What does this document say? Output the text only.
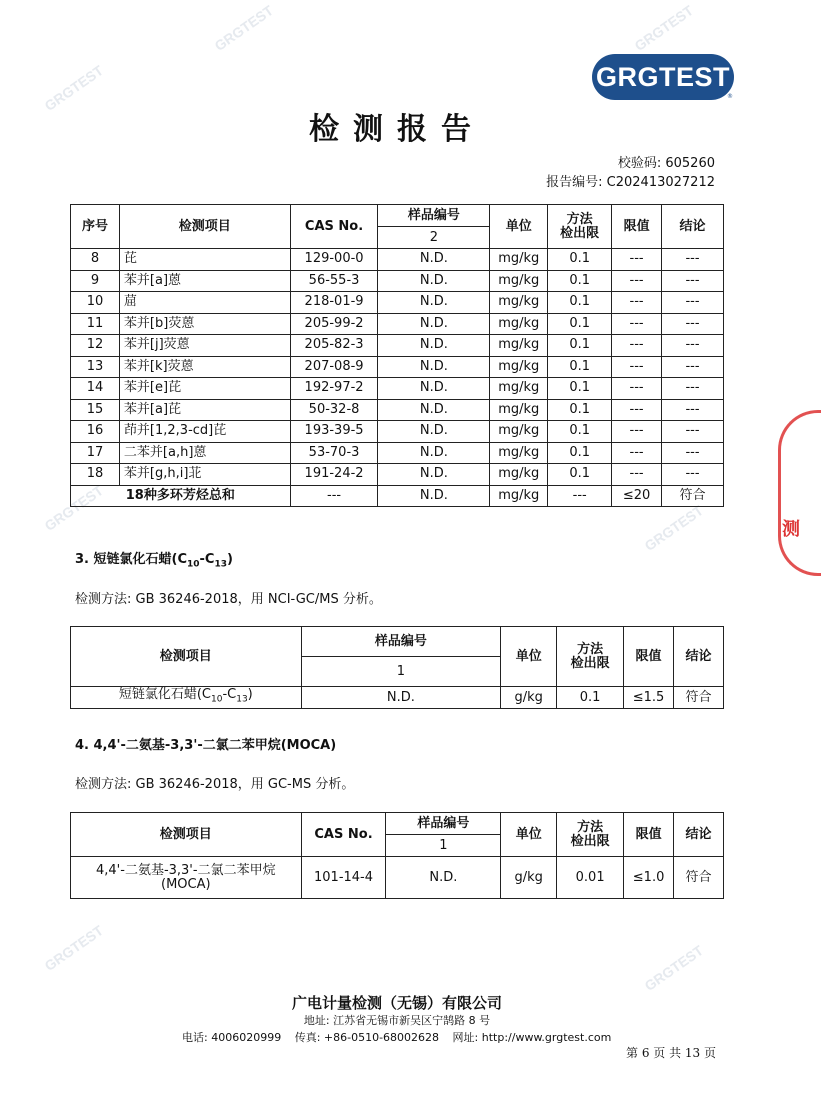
GRGTEST
GRGTEST	GRGTEST
GRGTEST	GRGTEST
GRGTEST	GRGTEST
GRGTEST
®
检测报告
校验码: 605260
报告编号: C202413027212
序号	检测项目	CAS No.	样品编号	单位	方法
检出限	限值	结论
			2				
8	芘	129-00-0	N.D.	mg/kg	0.1	---	---
9	苯并[a]蒽	56-55-3	N.D.	mg/kg	0.1	---	---
10	䓛	218-01-9	N.D.	mg/kg	0.1	---	---
11	苯并[b]荧蒽	205-99-2	N.D.	mg/kg	0.1	---	---
12	苯并[j]荧蒽	205-82-3	N.D.	mg/kg	0.1	---	---
13	苯并[k]荧蒽	207-08-9	N.D.	mg/kg	0.1	---	---
14	苯并[e]芘	192-97-2	N.D.	mg/kg	0.1	---	---
15	苯并[a]芘	50-32-8	N.D.	mg/kg	0.1	---	---
16	茚并[1,2,3-cd]芘	193-39-5	N.D.	mg/kg	0.1	---	---
17	二苯并[a,h]蒽	53-70-3	N.D.	mg/kg	0.1	---	---
18	苯并[g,h,i]苝	191-24-2	N.D.	mg/kg	0.1	---	---
18种多环芳烃总和		---	N.D.	mg/kg	---	≤20	符合
3. 短链氯化石蜡$(C_{10}-C_{13})$
检测方法: GB 36246-2018，用 NCI-GC/MS 分析。
检测项目	样品编号	单位	方法
检出限	限值	结论
	1				
短链氯化石蜡$(C_{10}-C_{13})$	N.D.	g/kg	0.1	≤1.5	符合
4. 4,4'-二氨基-3,3'-二氯二苯甲烷(MOCA)
检测方法: GB 36246-2018，用 GC-MS 分析。
检测项目	CAS No.	样品编号	单位	方法
检出限	限值	结论
		1				

4,4'-二氨基-3,3'-二氯二苯甲烷
(MOCA)	101-14-4	N.D.	g/kg	0.01	≤1.0	符合
测
广电计量检测（无锡）有限公司
地址: 江苏省无锡市新吴区宁鹄路 8 号
电话: 4006020999 传真: +86-0510-68002628 网址: http://www.grgtest.com
第 6 页 共 13 页
